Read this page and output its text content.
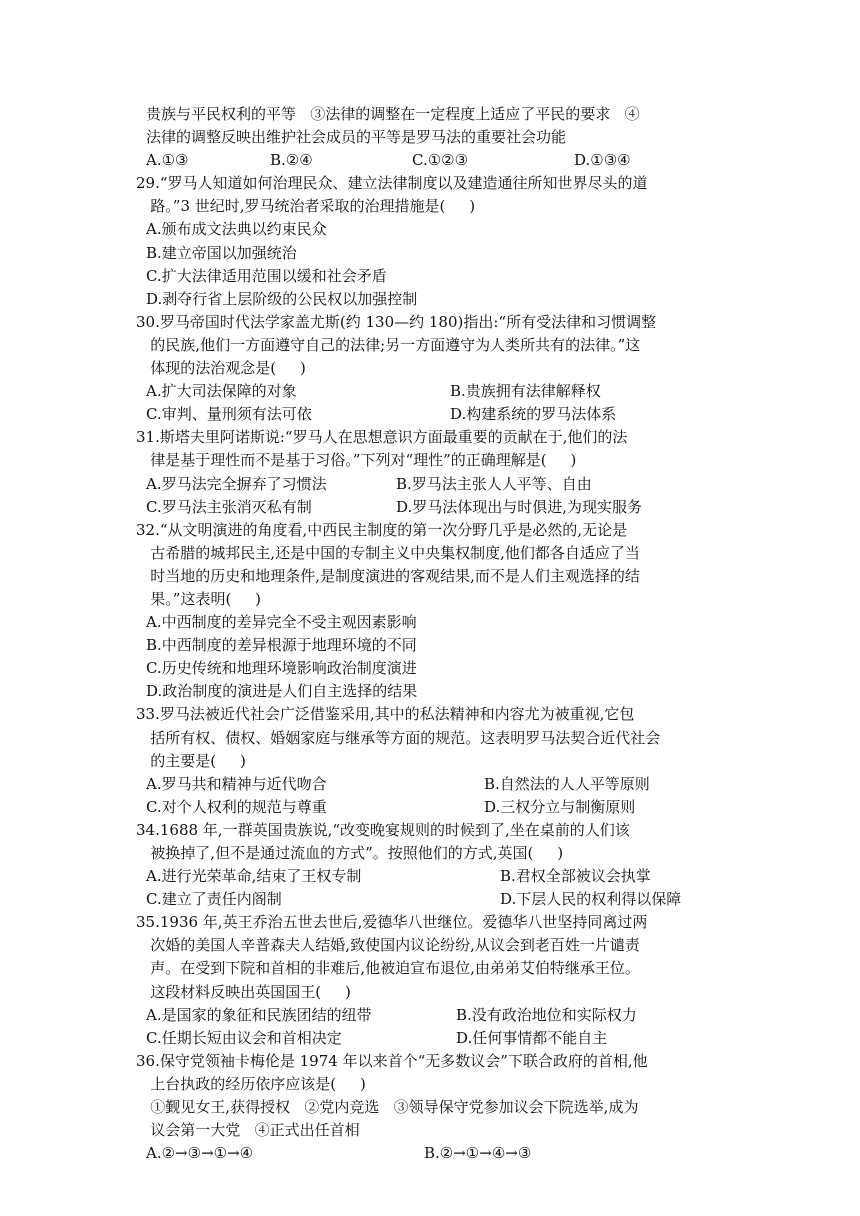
贵族与平民权利的平等   ③法律的调整在一定程度上适应了平民的要求   ④
法律的调整反映出维护社会成员的平等是罗马法的重要社会功能
A.①③	B.②④	C.①②③	D.①③④
29.“罗马人知道如何治理民众、建立法律制度以及建造通往所知世界尽头的道
路。”3 世纪时,罗马统治者采取的治理措施是(     )
A.颁布成文法典以约束民众
B.建立帝国以加强统治
C.扩大法律适用范围以缓和社会矛盾
D.剥夺行省上层阶级的公民权以加强控制
30.罗马帝国时代法学家盖尤斯(约 130—约 180)指出:“所有受法律和习惯调整
的民族,他们一方面遵守自己的法律;另一方面遵守为人类所共有的法律。”这
体现的法治观念是(     )
A.扩大司法保障的对象	B.贵族拥有法律解释权
C.审判、量刑须有法可依	D.构建系统的罗马法体系
31.斯塔夫里阿诺斯说:“罗马人在思想意识方面最重要的贡献在于,他们的法
律是基于理性而不是基于习俗。”下列对“理性”的正确理解是(     )
A.罗马法完全摒弃了习惯法	B.罗马法主张人人平等、自由
C.罗马法主张消灭私有制	D.罗马法体现出与时俱进,为现实服务
32.“从文明演进的角度看,中西民主制度的第一次分野几乎是必然的,无论是
古希腊的城邦民主,还是中国的专制主义中央集权制度,他们都各自适应了当
时当地的历史和地理条件,是制度演进的客观结果,而不是人们主观选择的结
果。”这表明(     )
A.中西制度的差异完全不受主观因素影响
B.中西制度的差异根源于地理环境的不同
C.历史传统和地理环境影响政治制度演进
D.政治制度的演进是人们自主选择的结果
33.罗马法被近代社会广泛借鉴采用,其中的私法精神和内容尤为被重视,它包
括所有权、债权、婚姻家庭与继承等方面的规范。这表明罗马法契合近代社会
的主要是(     )
A.罗马共和精神与近代吻合	B.自然法的人人平等原则
C.对个人权利的规范与尊重	D.三权分立与制衡原则
34.1688 年,一群英国贵族说,“改变晚宴规则的时候到了,坐在桌前的人们该
被换掉了,但不是通过流血的方式”。按照他们的方式,英国(     )
A.进行光荣革命,结束了王权专制	B.君权全部被议会执掌
C.建立了责任内阁制	D.下层人民的权利得以保障
35.1936 年,英王乔治五世去世后,爱德华八世继位。爱德华八世坚持同离过两
次婚的美国人辛普森夫人结婚,致使国内议论纷纷,从议会到老百姓一片谴责
声。在受到下院和首相的非难后,他被迫宣布退位,由弟弟艾伯特继承王位。
这段材料反映出英国国王(     )
A.是国家的象征和民族团结的纽带	B.没有政治地位和实际权力
C.任期长短由议会和首相决定	D.任何事情都不能自主
36.保守党领袖卡梅伦是 1974 年以来首个“无多数议会”下联合政府的首相,他
上台执政的经历依序应该是(     )
①觐见女王,获得授权   ②党内竞选   ③领导保守党参加议会下院选举,成为
议会第一大党   ④正式出任首相
A.②→③→①→④	B.②→①→④→③
